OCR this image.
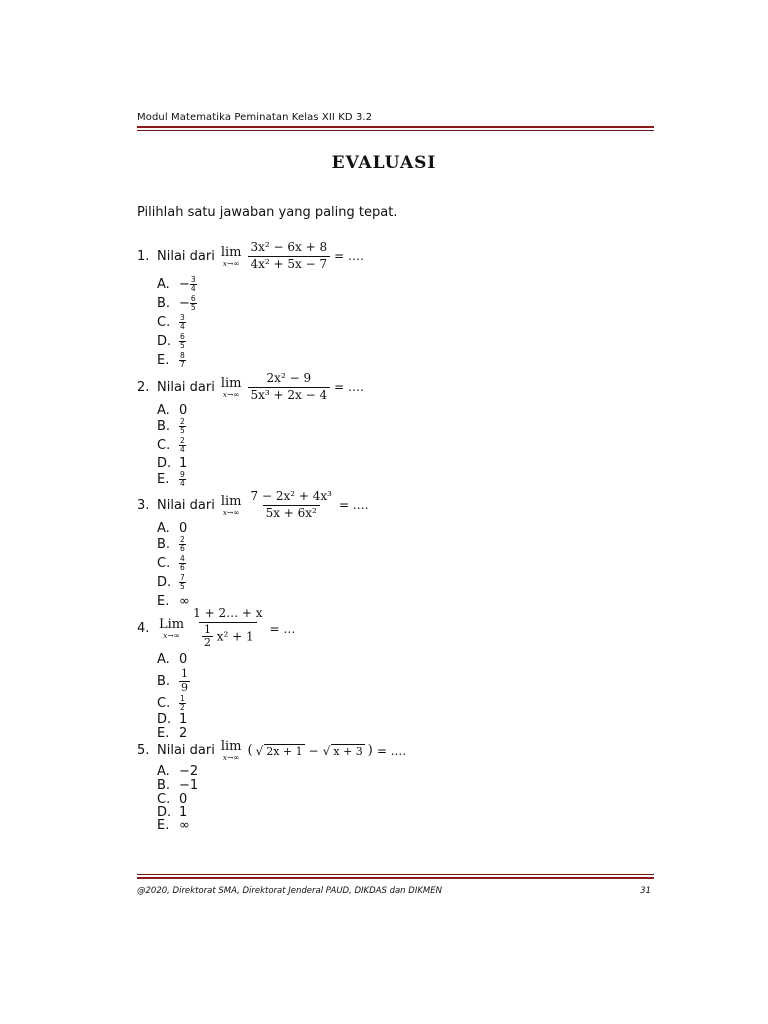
Modul Matematika Peminatan Kelas XII KD 3.2
EVALUASI
Pilihlah satu jawaban yang paling tepat.
1. Nilai dari lim
$x\to\infty \frac{\text{3x² − 6x + 8}}{\text{4x² + 5x − 7}}$ = ….
A. − $\frac{3}{4}$
B. − $\frac{6}{5}$
C.	3
4
D.	6
5
E.	8
7
2. Nilai dari lim
$x\to\infty \frac{\text{2x² − 9}}{\text{5x³ + 2x − 4}}$ = ….
A. 0
B.	2
5
C.	2
4
D. 1
E.	9
4
3. Nilai dari lim
$x\to\infty \frac{\text{7 − 2x² + 4x³}}{\text{5x + 6x²}}$ = ….
A. 0
B.	2
6
C.	4
6
D.	7
5
E. ∞
4. Lim
$x\to\infty \frac{1 + 2\dots + x}{\frac{1}{2} x^2 + 1}$ = …
A. 0
B.
1
9
C.	1
2
D. 1
E. 2
5. Nilai dari lim
x→∞ ( √ 2x + 1 − √ x + 3 ) = ....
A. −2
B. −1
C. 0
D. 1
E. ∞
@2020, Direktorat SMA, Direktorat Jenderal PAUD, DIKDAS dan DIKMEN	31
